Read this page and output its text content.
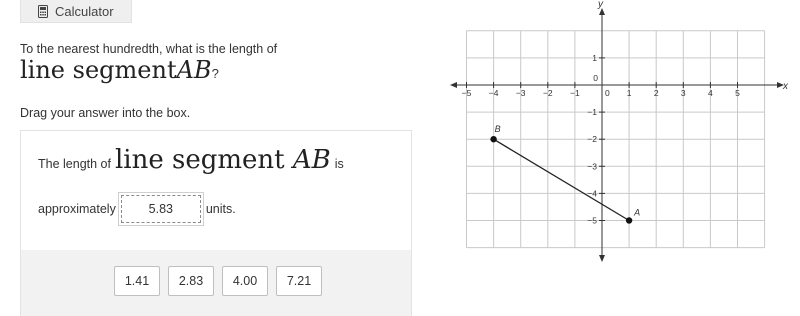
Calculator
To the nearest hundredth, what is the length of
line segment AB ?
Drag your answer into the box.
The length of line segment AB is
approximately	5.83	units.
1.41	2.83	4.00	7.21
y
x
−5 −4 −3 −2 −1	1	2	3	4	5
0
0
1
−1
−2
−3
−4
−5
B
A
